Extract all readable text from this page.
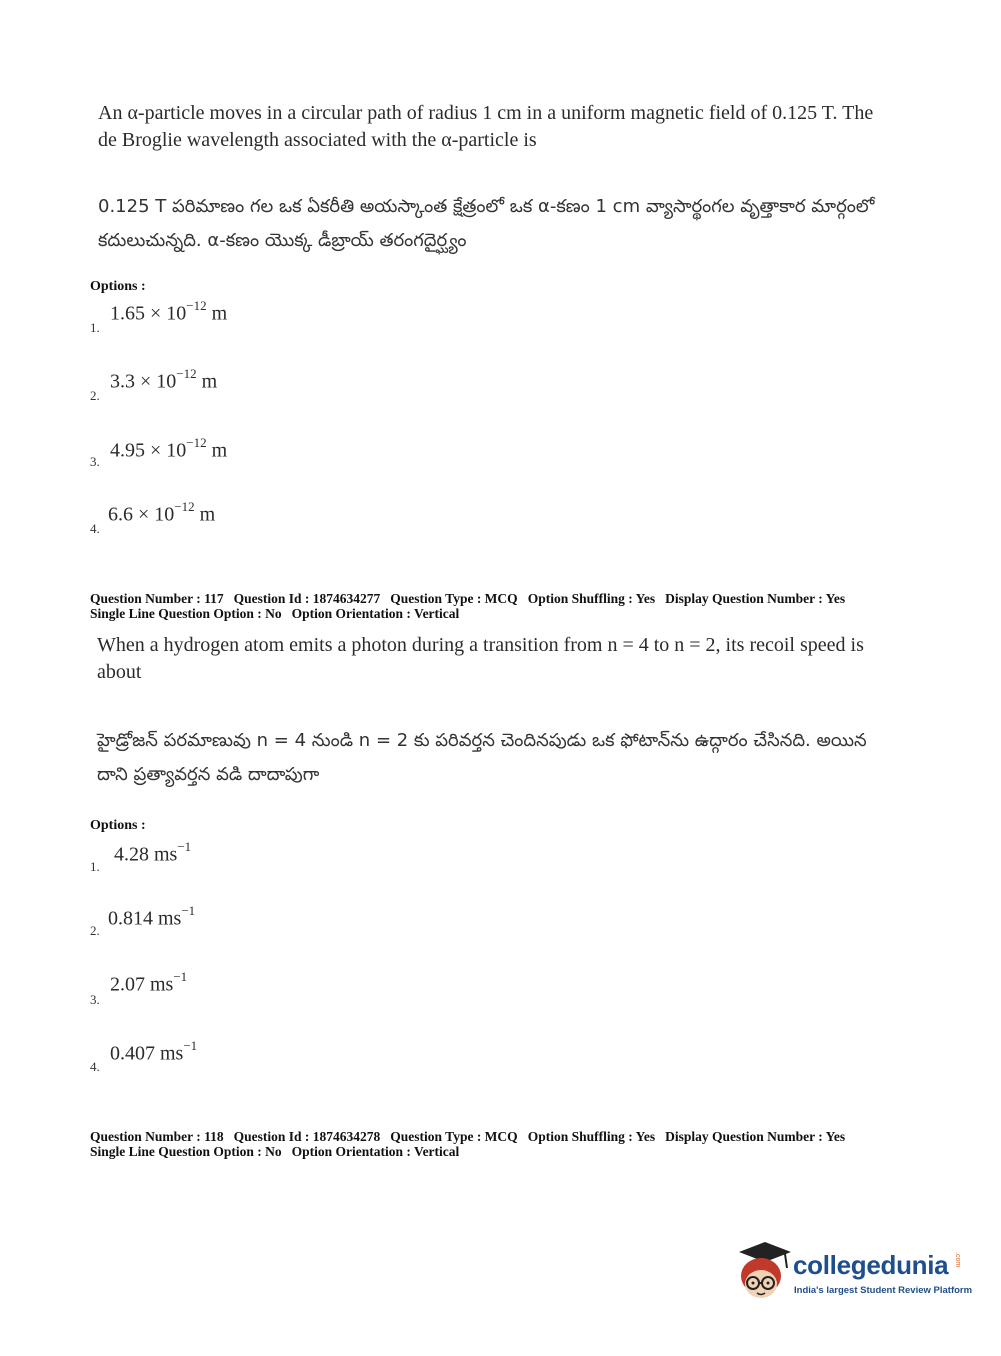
An α-particle moves in a circular path of radius 1 cm in a uniform magnetic field of 0.125 T. The de Broglie wavelength associated with the α-particle is
0.125 T పరిమాణం గల ఒక ఏకరీతి అయస్కాంత క్షేత్రంలో ఒక α-కణం 1 cm వ్యాసార్థంగల వృత్తాకార మార్గంలో కదులుచున్నది. α-కణం యొక్క డీబ్రాయ్ తరంగదైర్ఘ్యం
Options :
1.
$1.65 \times 10^{-12}$ m
2.
$3.3 \times 10^{-12}$ m
3. $4.95 \times 10^{-12}$ m
4.
$6.6 \times 10^{-12}$ m
Question Number : 117 Question Id : 1874634277 Question Type : MCQ Option Shuffling : Yes Display Question Number : Yes
Single Line Question Option : No Option Orientation : Vertical
When a hydrogen atom emits a photon during a transition from n = 4 to n = 2, its recoil speed is about
హైడ్రోజన్ పరమాణువు n = 4 నుండి n = 2 కు పరివర్తన చెందినపుడు ఒక ఫోటాన్‌ను ఉద్గారం చేసినది. అయిన దాని ప్రత్యావర్తన వడి దాదాపుగా
Options :
1.
4.28 $ms^{-1}$
2.
0.814 $ms^{-1}$
3.
2.07 $ms^{-1}$
4.
0.407 $ms^{-1}$
Question Number : 118 Question Id : 1874634278 Question Type : MCQ Option Shuffling : Yes Display Question Number : Yes
Single Line Question Option : No Option Orientation : Vertical
collegedunia .com
India's largest Student Review Platform
